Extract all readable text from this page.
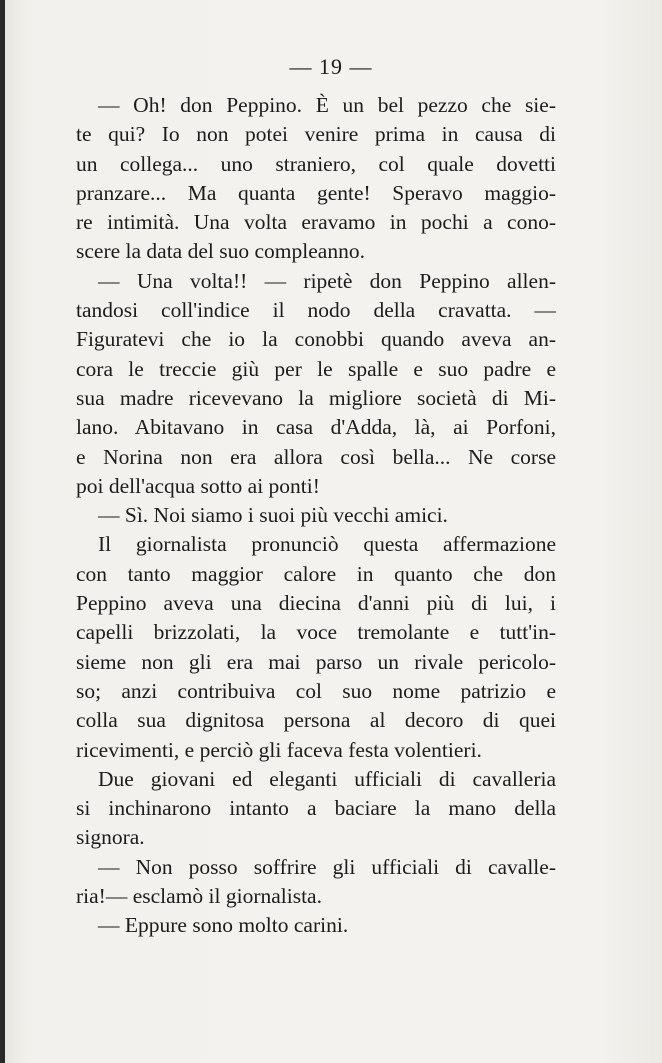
— 19 —
— Oh! don Peppino. È un bel pezzo che sie-
te qui? Io non potei venire prima in causa di
un collega... uno straniero, col quale dovetti
pranzare... Ma quanta gente! Speravo maggio-
re intimità. Una volta eravamo in pochi a cono-
scere la data del suo compleanno.
— Una volta!! — ripetè don Peppino allen-
tandosi coll'indice il nodo della cravatta. —
Figuratevi che io la conobbi quando aveva an-
cora le treccie giù per le spalle e suo padre e
sua madre ricevevano la migliore società di Mi-
lano. Abitavano in casa d'Adda, là, ai Porfoni,
e Norina non era allora così bella... Ne corse
poi dell'acqua sotto ai ponti!
— Sì. Noi siamo i suoi più vecchi amici.
Il giornalista pronunciò questa affermazione
con tanto maggior calore in quanto che don
Peppino aveva una diecina d'anni più di lui, i
capelli brizzolati, la voce tremolante e tutt'in-
sieme non gli era mai parso un rivale pericolo-
so; anzi contribuiva col suo nome patrizio e
colla sua dignitosa persona al decoro di quei
ricevimenti, e perciò gli faceva festa volentieri.
Due giovani ed eleganti ufficiali di cavalleria
si inchinarono intanto a baciare la mano della
signora.
— Non posso soffrire gli ufficiali di cavalle-
ria!— esclamò il giornalista.
— Eppure sono molto carini.
